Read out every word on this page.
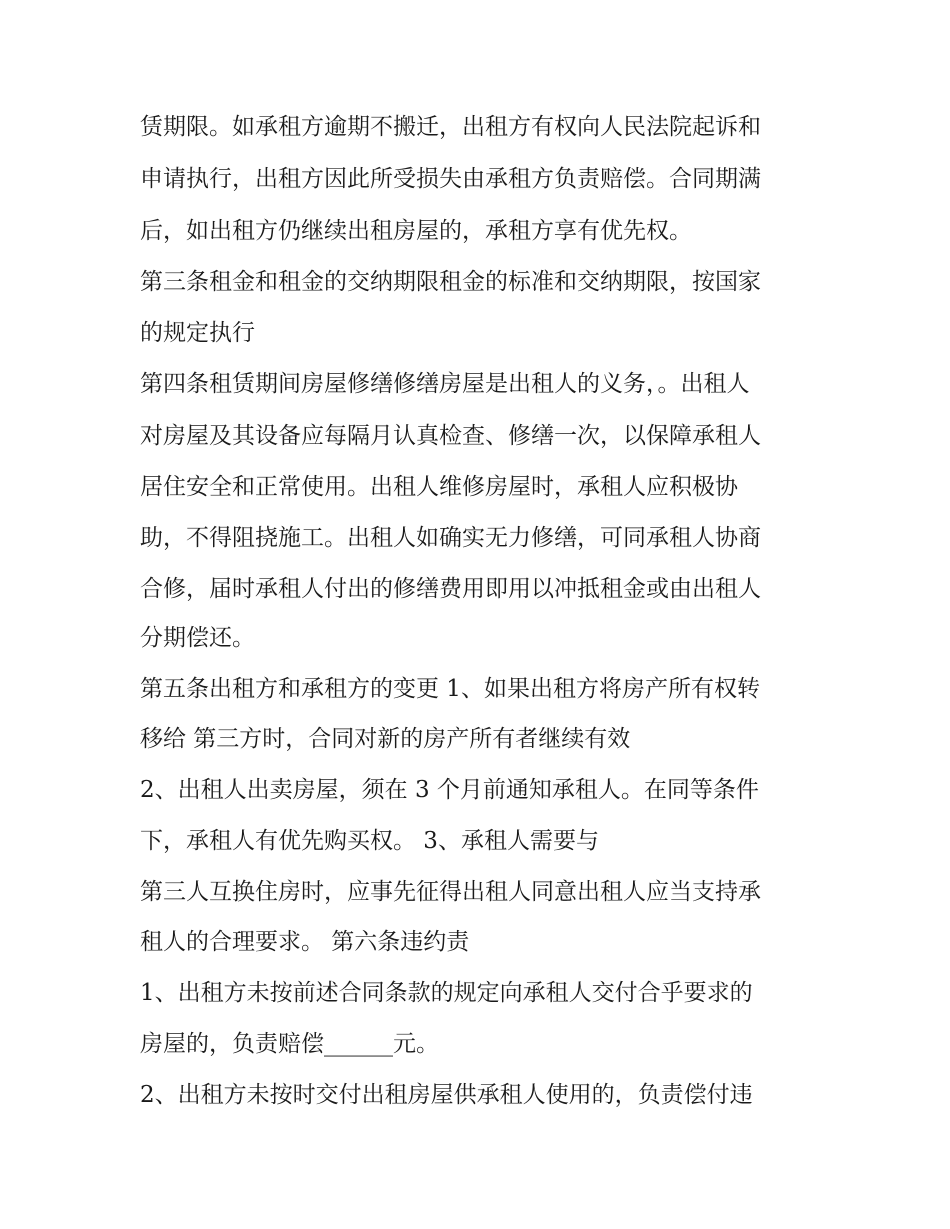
赁期限。如承租方逾期不搬迁，出租方有权向人民法院起诉和
申请执行，出租方因此所受损失由承租方负责赔偿。合同期满
后，如出租方仍继续出租房屋的，承租方享有优先权。
第三条租金和租金的交纳期限租金的标准和交纳期限，按国家
的规定执行
第四条租赁期间房屋修缮修缮房屋是出租人的义务，。出租人
对房屋及其设备应每隔月认真检查、修缮一次，以保障承租人
居住安全和正常使用。出租人维修房屋时，承租人应积极协
助，不得阻挠施工。出租人如确实无力修缮，可同承租人协商
合修，届时承租人付出的修缮费用即用以冲抵租金或由出租人
分期偿还。
第五条出租方和承租方的变更 1、如果出租方将房产所有权转
移给 第三方时，合同对新的房产所有者继续有效
2、出租人出卖房屋，须在 3 个月前通知承租人。在同等条件
下，承租人有优先购买权。 3、承租人需要与
第三人互换住房时，应事先征得出租人同意出租人应当支持承
租人的合理要求。 第六条违约责
1、出租方未按前述合同条款的规定向承租人交付合乎要求的
房屋的，负责赔偿______元。
2、出租方未按时交付出租房屋供承租人使用的，负责偿付违
